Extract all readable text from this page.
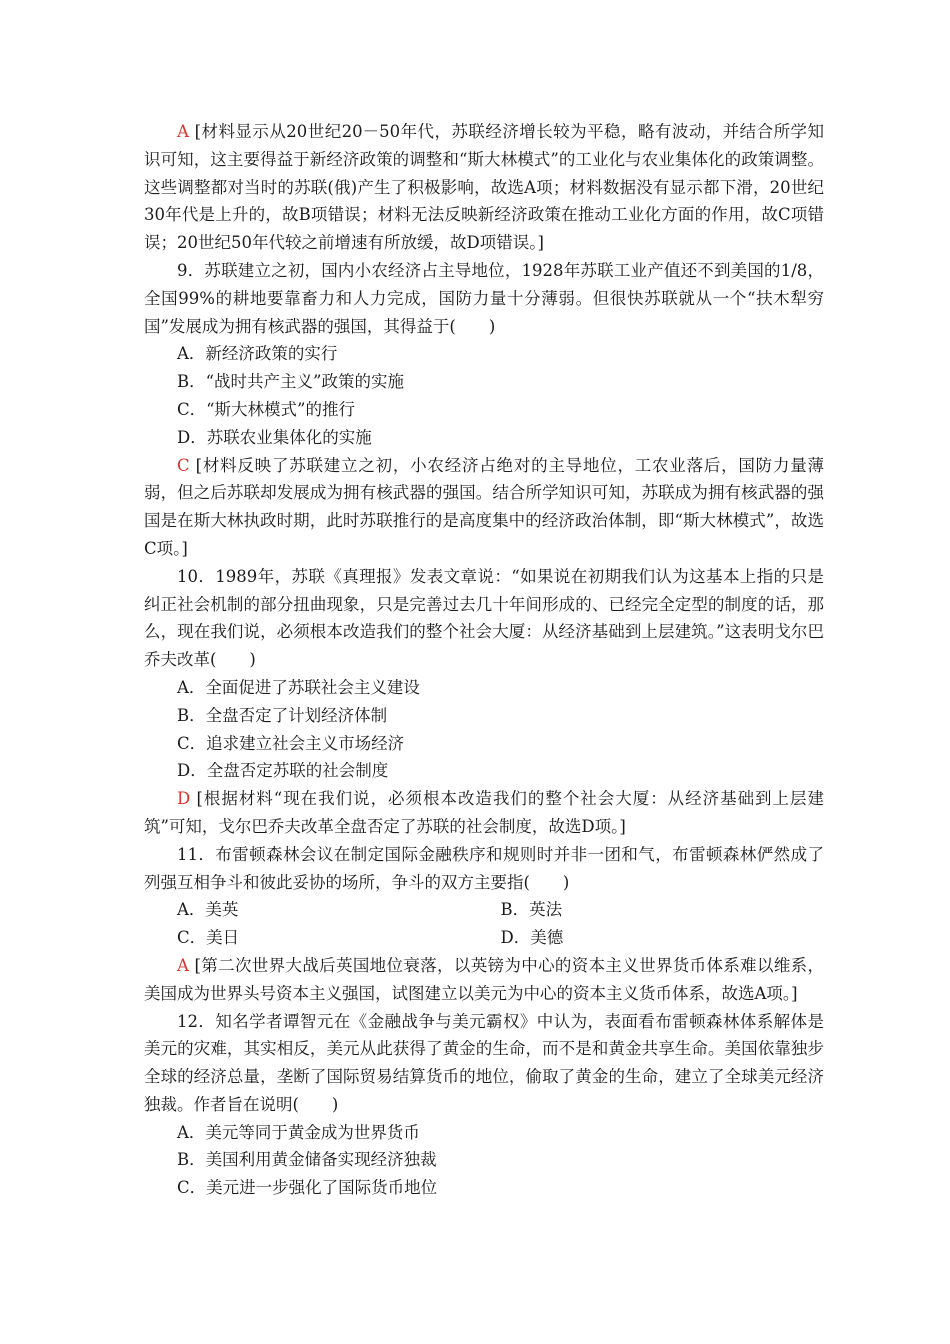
A [材料显示从20世纪20－50年代，苏联经济增长较为平稳，略有波动，并结合所学知识可知，这主要得益于新经济政策的调整和“斯大林模式”的工业化与农业集体化的政策调整。这些调整都对当时的苏联(俄)产生了积极影响，故选A项；材料数据没有显示都下滑，20世纪30年代是上升的，故B项错误；材料无法反映新经济政策在推动工业化方面的作用，故C项错误；20世纪50年代较之前增速有所放缓，故D项错误。]

9．苏联建立之初，国内小农经济占主导地位，1928年苏联工业产值还不到美国的1/8，全国99%的耕地要靠畜力和人力完成，国防力量十分薄弱。但很快苏联就从一个“扶木犁穷国”发展成为拥有核武器的强国，其得益于(　　)

A．新经济政策的实行
B．“战时共产主义”政策的实施
C．“斯大林模式”的推行
D．苏联农业集体化的实施

C [材料反映了苏联建立之初，小农经济占绝对的主导地位，工农业落后，国防力量薄弱，但之后苏联却发展成为拥有核武器的强国。结合所学知识可知，苏联成为拥有核武器的强国是在斯大林执政时期，此时苏联推行的是高度集中的经济政治体制，即“斯大林模式”，故选C项。]

10．1989年，苏联《真理报》发表文章说：“如果说在初期我们认为这基本上指的只是纠正社会机制的部分扭曲现象，只是完善过去几十年间形成的、已经完全定型的制度的话，那么，现在我们说，必须根本改造我们的整个社会大厦：从经济基础到上层建筑。”这表明戈尔巴乔夫改革(　　)

A．全面促进了苏联社会主义建设
B．全盘否定了计划经济体制
C．追求建立社会主义市场经济
D．全盘否定苏联的社会制度

D [根据材料“现在我们说，必须根本改造我们的整个社会大厦：从经济基础到上层建筑”可知，戈尔巴乔夫改革全盘否定了苏联的社会制度，故选D项。]

11．布雷顿森林会议在制定国际金融秩序和规则时并非一团和气，布雷顿森林俨然成了列强互相争斗和彼此妥协的场所，争斗的双方主要指(　　)

A．美英	B．英法
C．美日	D．美德

A [第二次世界大战后英国地位衰落，以英镑为中心的资本主义世界货币体系难以维系，美国成为世界头号资本主义强国，试图建立以美元为中心的资本主义货币体系，故选A项。]

12．知名学者谭智元在《金融战争与美元霸权》中认为，表面看布雷顿森林体系解体是美元的灾难，其实相反，美元从此获得了黄金的生命，而不是和黄金共享生命。美国依靠独步全球的经济总量，垄断了国际贸易结算货币的地位，偷取了黄金的生命，建立了全球美元经济独裁。作者旨在说明(　　)

A．美元等同于黄金成为世界货币
B．美国利用黄金储备实现经济独裁
C．美元进一步强化了国际货币地位
